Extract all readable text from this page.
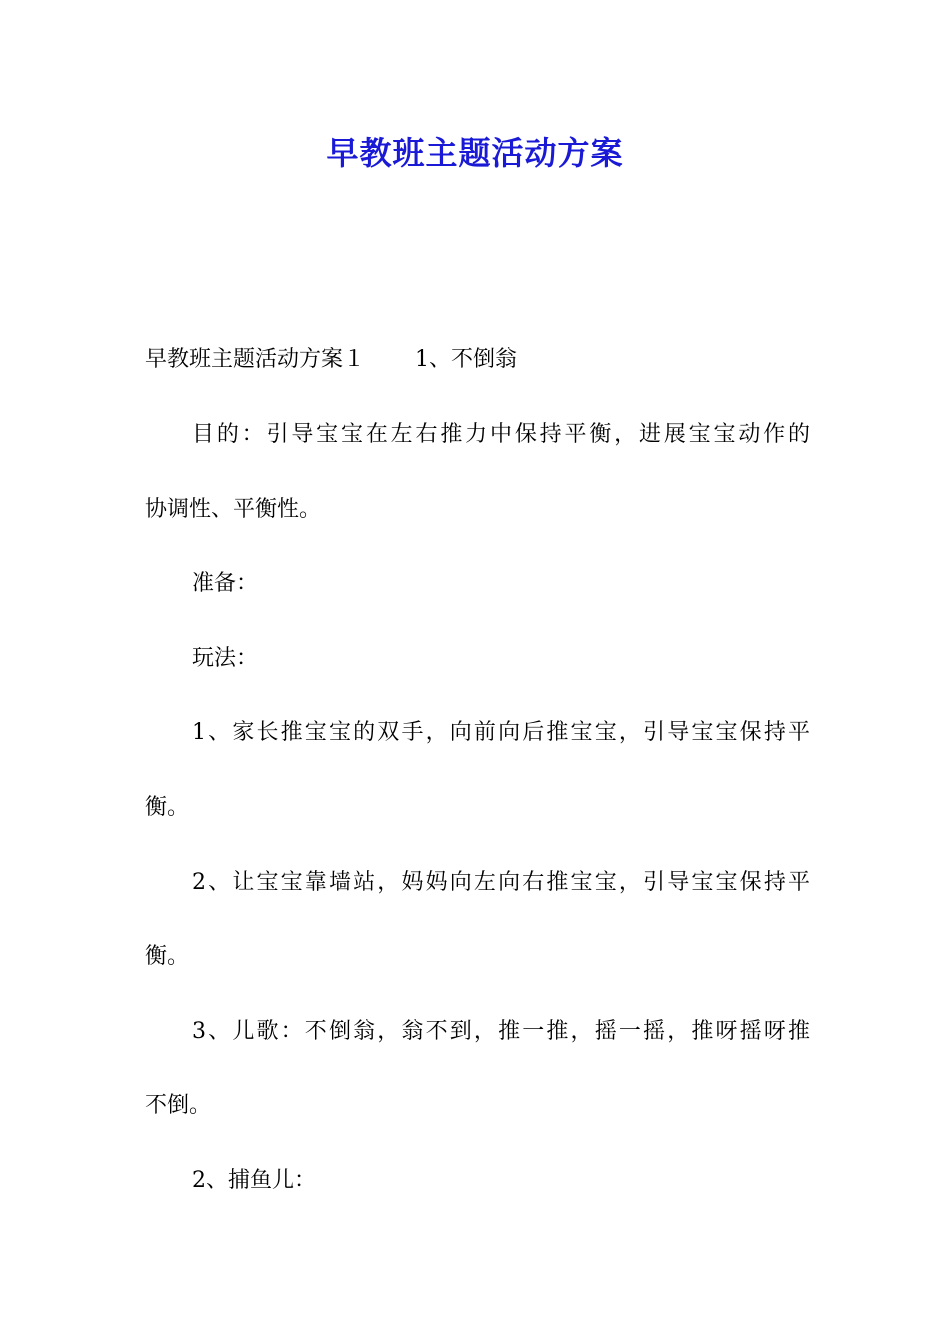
早教班主题活动方案
早教班主题活动方案１ 1、不倒翁
目的：引导宝宝在左右推力中保持平衡，进展宝宝动作的
协调性、平衡性。
准备：
玩法：
1、家长推宝宝的双手，向前向后推宝宝，引导宝宝保持平
衡。
2、让宝宝靠墙站，妈妈向左向右推宝宝，引导宝宝保持平
衡。
3、儿歌：不倒翁，翁不到，推一推，摇一摇，推呀摇呀推
不倒。
2、捕鱼儿：
